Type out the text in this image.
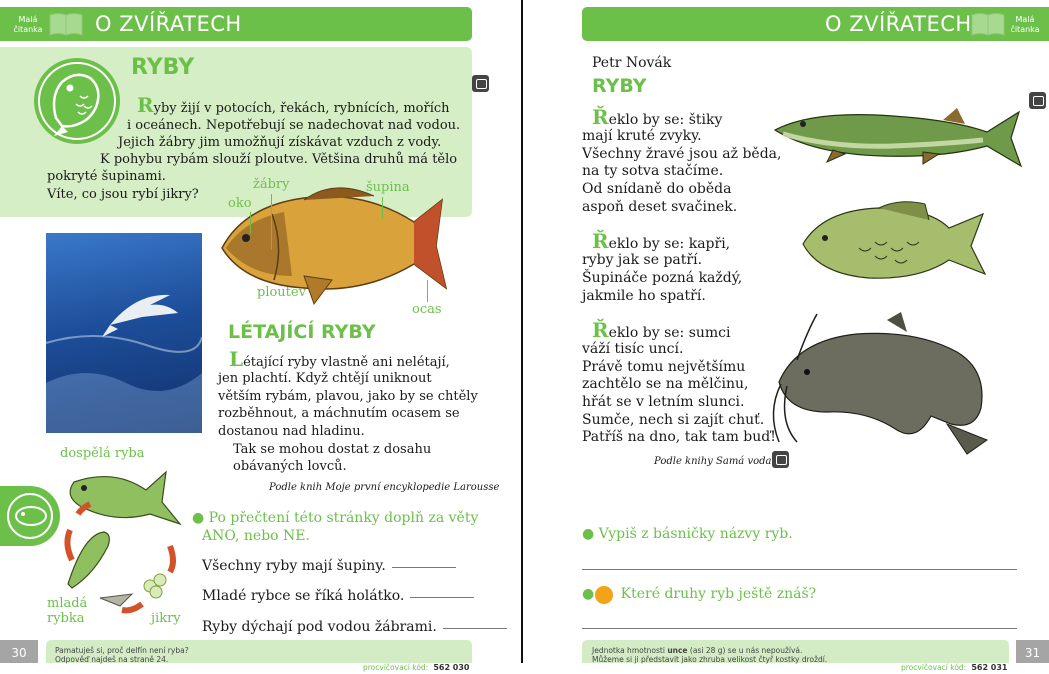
Malá
čitanka O ZVÍŘATECH
RYBY
Ryby žijí v potocích, řekách, rybnících, mořích
i oceánech. Nepotřebují se nadechovat nad vodou.
Jejich žábry jim umožňují získávat vzduch z vody.
K pohybu rybám slouží ploutve. Většina druhů má tělo
pokryté šupinami.
Víte, co jsou rybí jikry?
oko
žábry	šupina
ploutev
ocas
LÉTAJÍCÍ RYBY
Létající ryby vlastně ani nelétají,
jen plachtí. Když chtějí uniknout
větším rybám, plavou, jako by se chtěly
rozběhnout, a máchnutím ocasem se
dostanou nad hladinu.
Tak se mohou dostat z dosahu
obávaných lovců.
Podle knih Moje první encyklopedie Larousse
dospělá ryba
mladá
rybka	jikry
● Po přečtení této stránky doplň za věty
ANO, nebo NE.
Všechny ryby mají šupiny.
Mladé rybce se říká holátko.
Ryby dýchají pod vodou žábrami.
30	Pamatuješ si, proč delfín není ryba?
Odpověď najdeš na straně 24.
procvičovací kód: 562 030
O ZVÍŘATECH	Malá
čitanka
Petr Novák
RYBY
Řeklo by se: štiky
mají kruté zvyky.
Všechny žravé jsou až běda,
na ty sotva stačíme.
Od snídaně do oběda
aspoň deset svačinek.
Řeklo by se: kapři,
ryby jak se patří.
Šupináče pozná každý,
jakmile ho spatří.
Řeklo by se: sumci
váží tisíc uncí.
Právě tomu největšímu
zachtělo se na mělčinu,
hřát se v letním slunci.
Sumče, nech si zajít chuť.
Patříš na dno, tak tam buď!
Podle knihy Samá voda
● Vypiš z básničky názvy ryb.
● Které druhy ryb ještě znáš?
Jednotka hmotnosti unce (asi 28 g) se u nás nepoužívá.
Můžeme si ji představit jako zhruba velikost čtyř kostky droždí.
procvičovací kód: 562 031
31
